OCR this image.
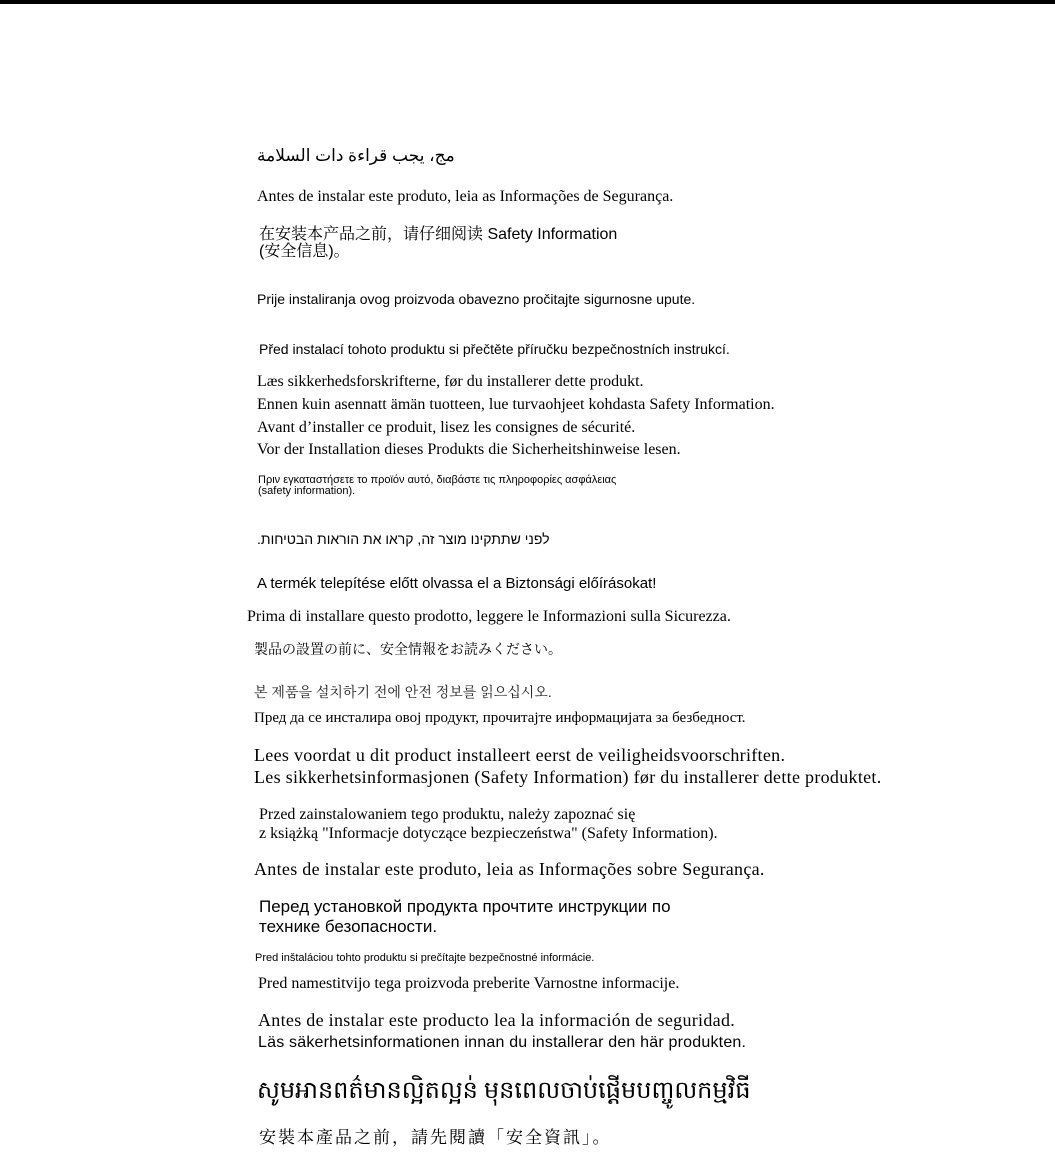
مج، يجب قراءة دات السلامة
Antes de instalar este produto, leia as Informações de Segurança.
在安装本产品之前，请仔细阅读 Safety Information
(安全信息)。
Prije instaliranja ovog proizvoda obavezno pročitajte sigurnosne upute.
Před instalací tohoto produktu si přečtěte příručku bezpečnostních instrukcí.
Læs sikkerhedsforskrifterne, før du installerer dette produkt.
Ennen kuin asennatt ämän tuotteen, lue turvaohjeet kohdasta Safety Information.
Avant d’installer ce produit, lisez les consignes de sécurité.
Vor der Installation dieses Produkts die Sicherheitshinweise lesen.
Πριν εγκαταστήσετε το προϊόν αυτό, διαβάστε τις πληροφορίες ασφάλειας
(safety information).
לפני שתתקינו מוצר זה, קראו את הוראות הבטיחות.
A termék telepítése előtt olvassa el a Biztonsági előírásokat!
Prima di installare questo prodotto, leggere le Informazioni sulla Sicurezza.
製品の設置の前に、安全情報をお読みください。
본 제품을 설치하기 전에 안전 정보를 읽으십시오.
Пред да се инсталира овој продукт, прочитајте информацијата за безбедност.
Lees voordat u dit product installeert eerst de veiligheidsvoorschriften.
Les sikkerhetsinformasjonen (Safety Information) før du installerer dette produktet.
Przed zainstalowaniem tego produktu, należy zapoznać się
z książką "Informacje dotyczące bezpieczeństwa" (Safety Information).
Antes de instalar este produto, leia as Informações sobre Segurança.
Перед установкой продукта прочтите инструкции по
технике безопасности.
Pred inštaláciou tohto produktu si prečítajte bezpečnostné informácie.
Pred namestitvijo tega proizvoda preberite Varnostne informacije.
Antes de instalar este producto lea la información de seguridad.
Läs säkerhetsinformationen innan du installerar den här produkten.
សូមអានពត៌មានល្អិតល្អន់ មុនពេលចាប់ផ្តើមបញ្ចូលកម្មវិធី
安裝本產品之前，請先閱讀「安全資訊」。
